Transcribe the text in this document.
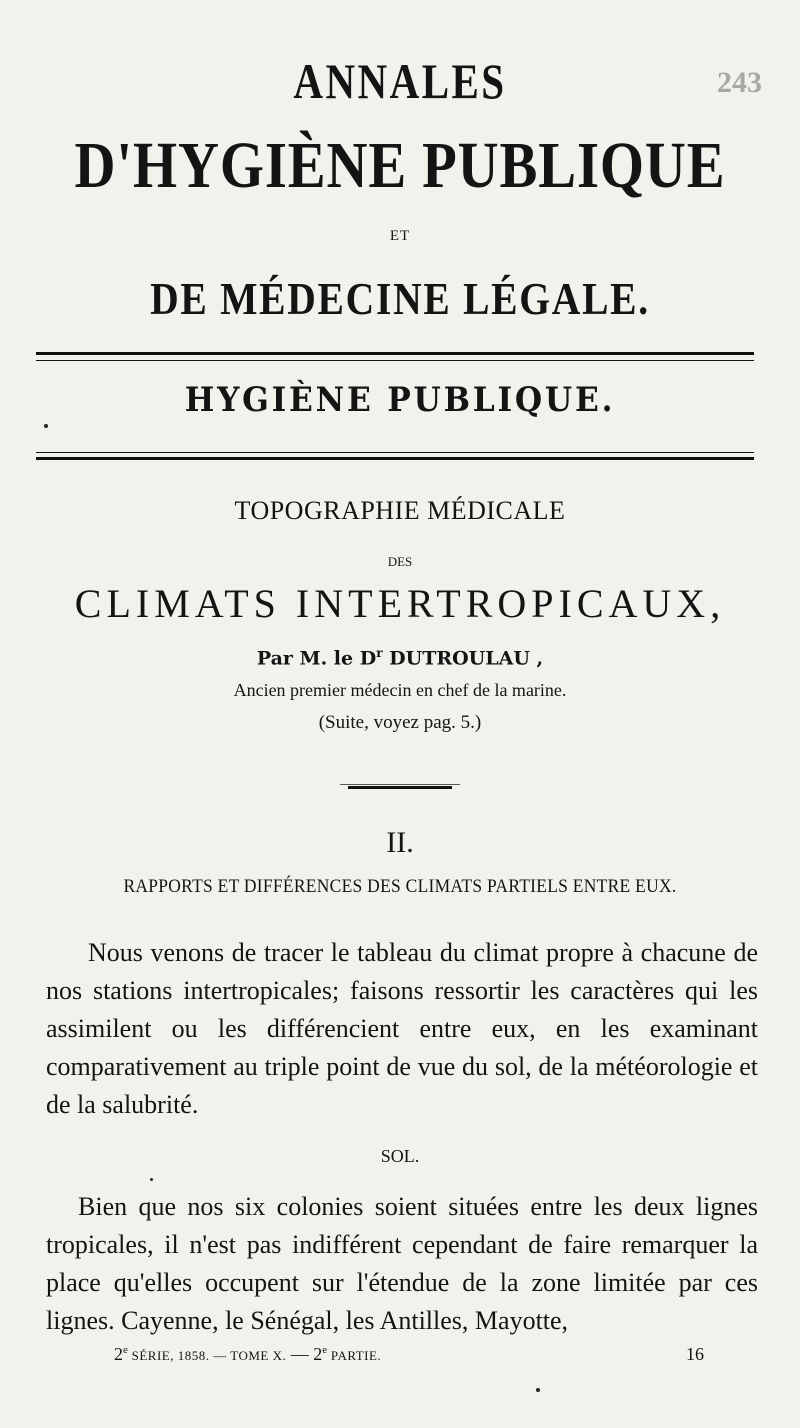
243
ANNALES
D'HYGIÈNE PUBLIQUE
ET
DE MÉDECINE LÉGALE.
HYGIÈNE PUBLIQUE.
TOPOGRAPHIE MÉDICALE
DES
CLIMATS INTERTROPICAUX,
Par M. le $D^r$ DUTROULAU ,
Ancien premier médecin en chef de la marine.
(Suite, voyez pag. 5.)
II.
RAPPORTS ET DIFFÉRENCES DES CLIMATS PARTIELS ENTRE EUX.

Nous venons de tracer le tableau du climat propre à chacune de nos stations intertropicales; faisons ressortir les caractères qui les assimilent ou les différencient entre eux, en les examinant comparativement au triple point de vue du sol, de la météorologie et de la salubrité.

SOL.

Bien que nos six colonies soient situées entre les deux lignes tropicales, il n'est pas indifférent cependant de faire remarquer la place qu'elles occupent sur l'étendue de la zone limitée par ces lignes. Cayenne, le Sénégal, les Antilles, Mayotte,

2e SÉRIE, 1858. — TOME X. — 2e PARTIE.	16
